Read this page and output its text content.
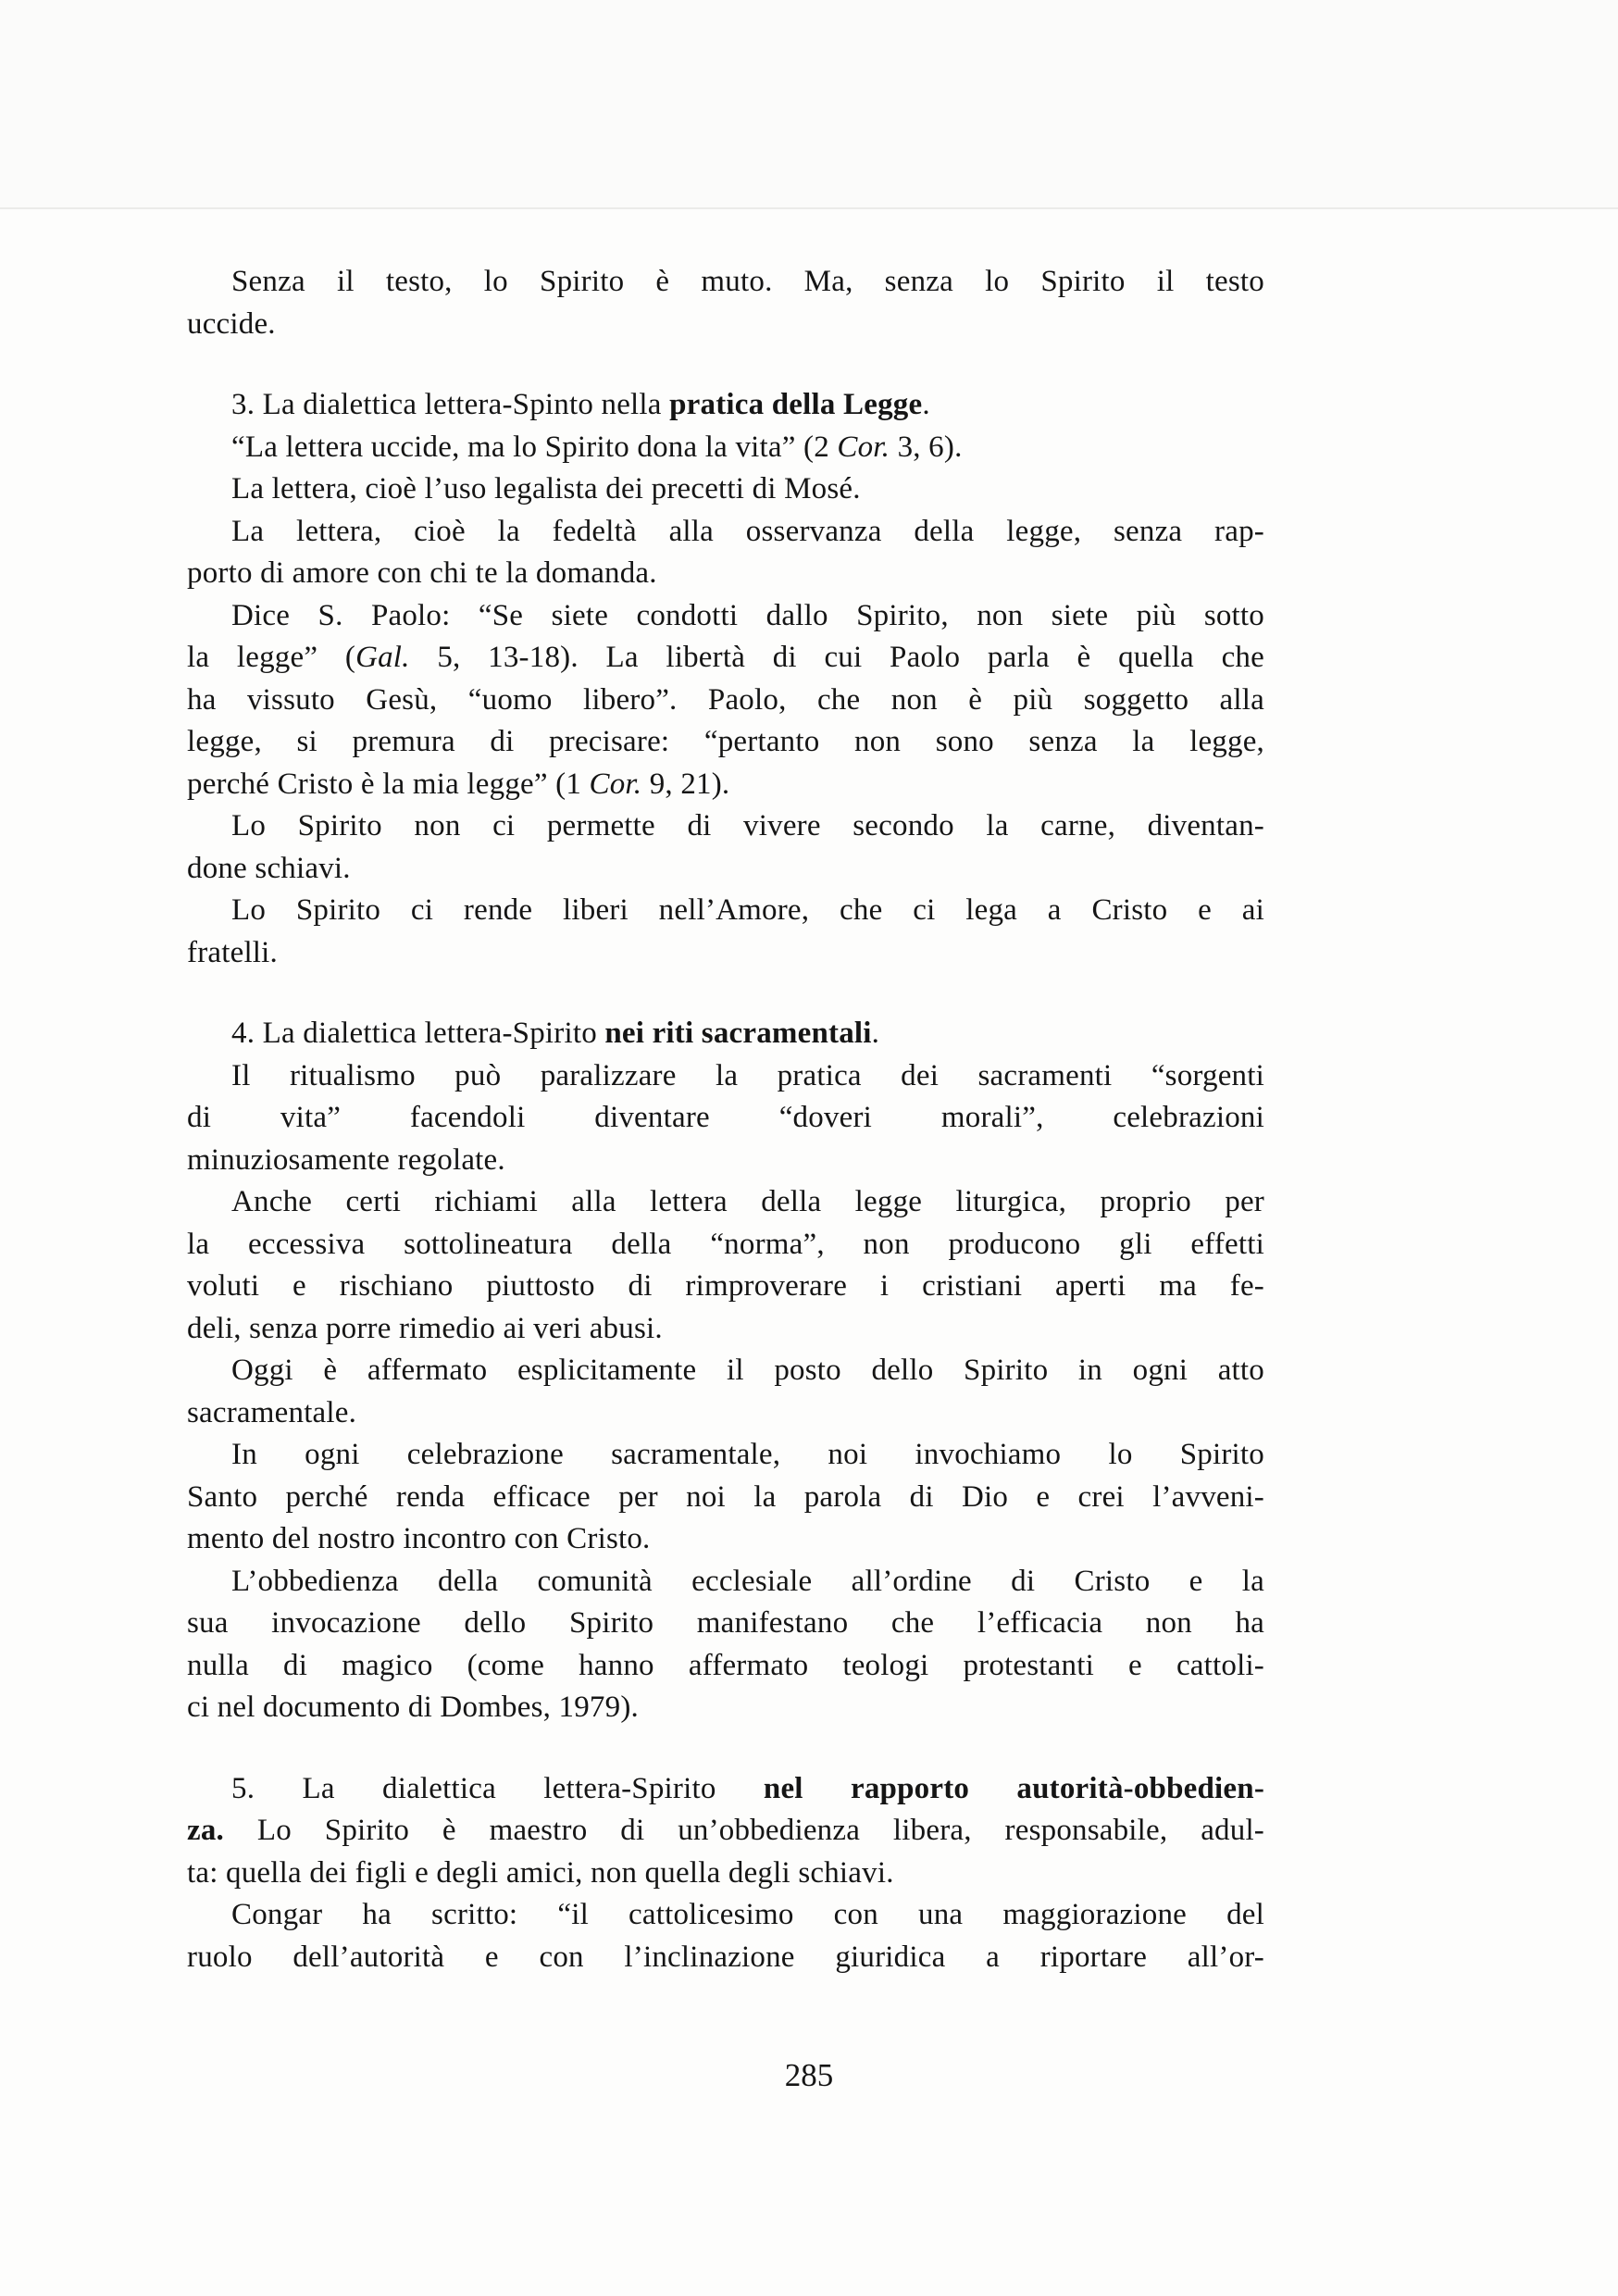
Senza il testo, lo Spirito è muto. Ma, senza lo Spirito il testo
uccide.
3. La dialettica lettera-Spinto nella pratica della Legge.
“La lettera uccide, ma lo Spirito dona la vita” (2 Cor. 3, 6).
La lettera, cioè l’uso legalista dei precetti di Mosé.
La lettera, cioè la fedeltà alla osservanza della legge, senza rap-
porto di amore con chi te la domanda.
Dice S. Paolo: “Se siete condotti dallo Spirito, non siete più sotto
la legge” (Gal. 5, 13-18). La libertà di cui Paolo parla è quella che
ha vissuto Gesù, “uomo libero”. Paolo, che non è più soggetto alla
legge, si premura di precisare: “pertanto non sono senza la legge,
perché Cristo è la mia legge” (1 Cor. 9, 21).
Lo Spirito non ci permette di vivere secondo la carne, diventan-
done schiavi.
Lo Spirito ci rende liberi nell’Amore, che ci lega a Cristo e ai
fratelli.
4. La dialettica lettera-Spirito nei riti sacramentali.
Il ritualismo può paralizzare la pratica dei sacramenti “sorgenti
di vita” facendoli diventare “doveri morali”, celebrazioni
minuziosamente regolate.
Anche certi richiami alla lettera della legge liturgica, proprio per
la eccessiva sottolineatura della “norma”, non producono gli effetti
voluti e rischiano piuttosto di rimproverare i cristiani aperti ma fe-
deli, senza porre rimedio ai veri abusi.
Oggi è affermato esplicitamente il posto dello Spirito in ogni atto
sacramentale.
In ogni celebrazione sacramentale, noi invochiamo lo Spirito
Santo perché renda efficace per noi la parola di Dio e crei l’avveni-
mento del nostro incontro con Cristo.
L’obbedienza della comunità ecclesiale all’ordine di Cristo e la
sua invocazione dello Spirito manifestano che l’efficacia non ha
nulla di magico (come hanno affermato teologi protestanti e cattoli-
ci nel documento di Dombes, 1979).
5. La dialettica lettera-Spirito nel rapporto autorità-obbedien-
za. Lo Spirito è maestro di un’obbedienza libera, responsabile, adul-
ta: quella dei figli e degli amici, non quella degli schiavi.
Congar ha scritto: “il cattolicesimo con una maggiorazione del
ruolo dell’autorità e con l’inclinazione giuridica a riportare all’or-
285
